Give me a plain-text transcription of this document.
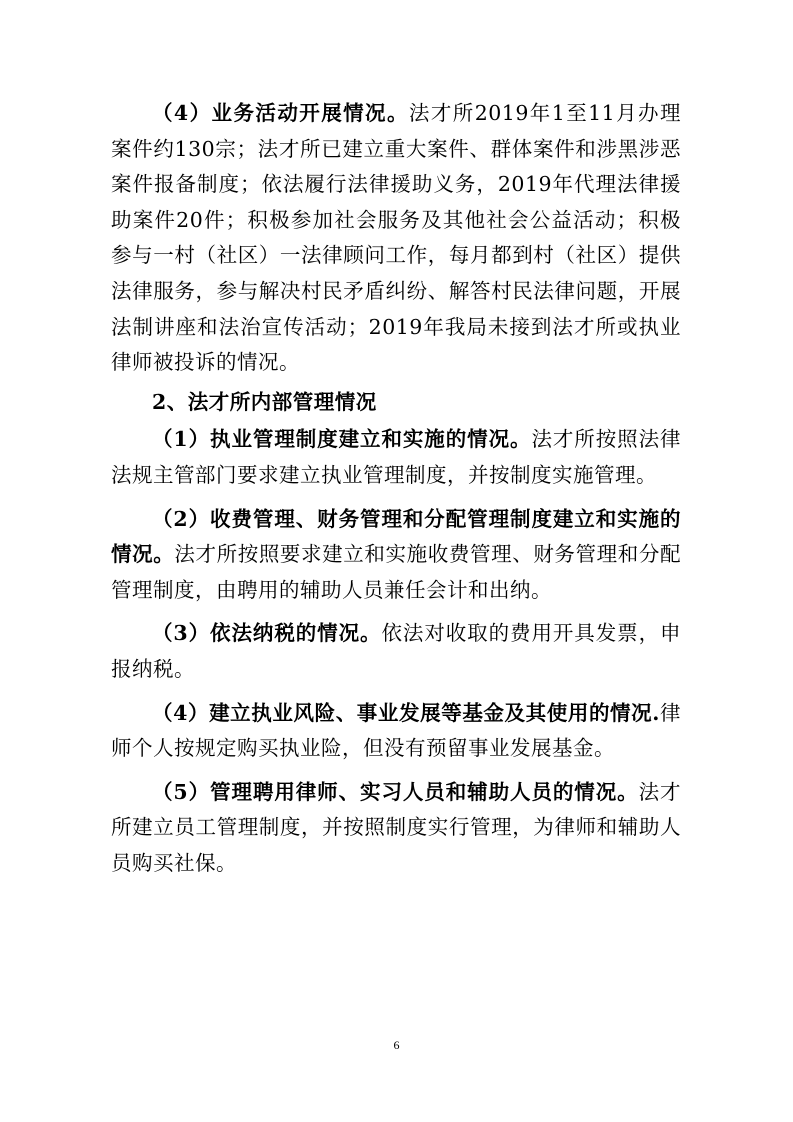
（4）业务活动开展情况。法才所2019年1至11月办理案件约130宗；法才所已建立重大案件、群体案件和涉黑涉恶案件报备制度；依法履行法律援助义务，2019年代理法律援助案件20件；积极参加社会服务及其他社会公益活动；积极参与一村（社区）一法律顾问工作，每月都到村（社区）提供法律服务，参与解决村民矛盾纠纷、解答村民法律问题，开展法制讲座和法治宣传活动；2019年我局未接到法才所或执业律师被投诉的情况。

2、法才所内部管理情况

（1）执业管理制度建立和实施的情况。法才所按照法律法规主管部门要求建立执业管理制度，并按制度实施管理。

（2）收费管理、财务管理和分配管理制度建立和实施的情况。法才所按照要求建立和实施收费管理、财务管理和分配管理制度，由聘用的辅助人员兼任会计和出纳。

（3）依法纳税的情况。依法对收取的费用开具发票，申报纳税。

（4）建立执业风险、事业发展等基金及其使用的情况.律师个人按规定购买执业险，但没有预留事业发展基金。

（5）管理聘用律师、实习人员和辅助人员的情况。法才所建立员工管理制度，并按照制度实行管理，为律师和辅助人员购买社保。

6
